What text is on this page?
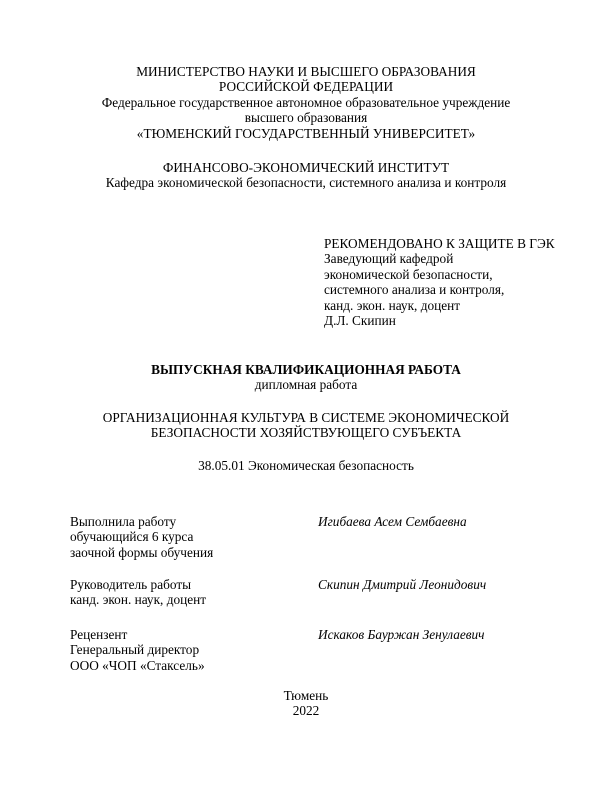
МИНИСТЕРСТВО НАУКИ И ВЫСШЕГО ОБРАЗОВАНИЯ
РОССИЙСКОЙ ФЕДЕРАЦИИ
Федеральное государственное автономное образовательное учреждение
высшего образования
«ТЮМЕНСКИЙ ГОСУДАРСТВЕННЫЙ УНИВЕРСИТЕТ»
ФИНАНСОВО-ЭКОНОМИЧЕСКИЙ ИНСТИТУТ
Кафедра экономической безопасности, системного анализа и контроля
РЕКОМЕНДОВАНО К ЗАЩИТЕ В ГЭК
Заведующий кафедрой
экономической безопасности,
системного анализа и контроля,
канд. экон. наук, доцент
Д.Л. Скипин
ВЫПУСКНАЯ КВАЛИФИКАЦИОННАЯ РАБОТА
дипломная работа
ОРГАНИЗАЦИОННАЯ КУЛЬТУРА В СИСТЕМЕ ЭКОНОМИЧЕСКОЙ
БЕЗОПАСНОСТИ ХОЗЯЙСТВУЮЩЕГО СУБЪЕКТА
38.05.01 Экономическая безопасность
Выполнила работу
обучающийся 6 курса
заочной формы обучения
Игибаева Асем Сембаевна
Руководитель работы
канд. экон. наук, доцент
Скипин Дмитрий Леонидович
Рецензент
Генеральный директор
ООО «ЧОП «Стаксель»
Искаков Бауржан Зенулаевич
Тюмень
2022
